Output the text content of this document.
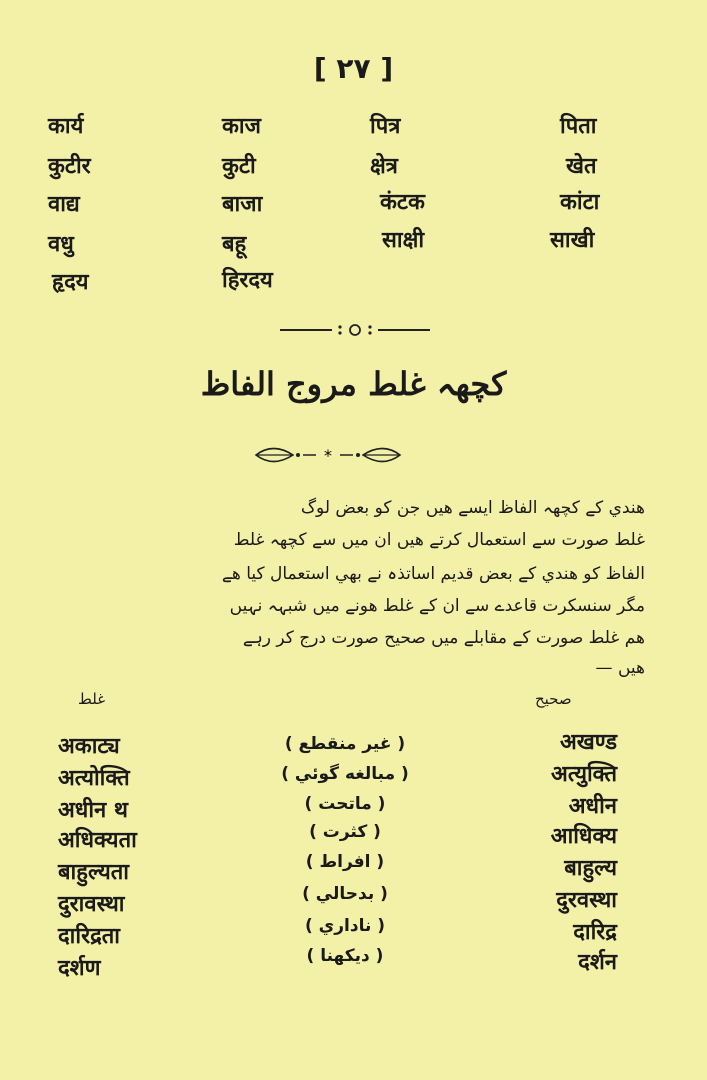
[ ۲۷ ]
कार्य	काज	पित्र	पिता
कुटीर	कुटी	क्षेत्र	खेत
वाद्य	बाजा	कंटक	कांटा
वधु	बहू	साक्षी	साखी
हृदय	हिरदय
کچھہ غلط مروج الفاظ
*
هندي کے کچھہ الفاظ ایسے هیں جن کو بعض لوگ
غلط صورت سے استعمال کرتے هیں ان میں سے کچھہ غلط
الفاظ کو هندي کے بعض قدیم اساتذہ نے بھي استعمال کیا ھے
مگر سنسکرت قاعدے سے ان کے غلط هونے میں شبہہ نہیں
هم غلط صورت کے مقابلے میں صحیح صورت درج کر رہے
هیں —
غلط	صحیح
अकाट्य	( غیر منقطع )	अखण्ड
अत्योक्ति	( مبالغه گوئي )	अत्युक्ति
अधीन थ	( ماتحت )	अधीन
अधिक्यता	( کثرت )	आधिक्य
बाहुल्यता	( افراط )	बाहुल्य
दुरावस्था	( بدحالي )	दुरवस्था
दारिद्रता	( ناداري )	दारिद्र
दर्शण	( دیکھنا )	दर्शन
